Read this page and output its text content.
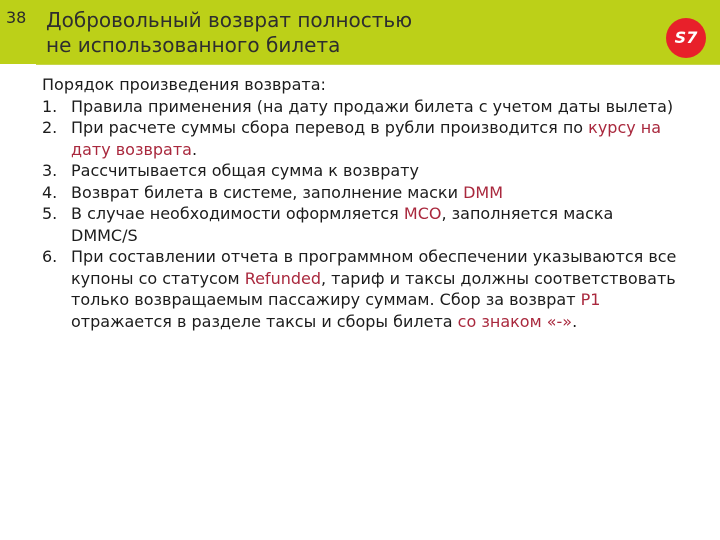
38 Добровольный возврат полностью
не использованного билета	S7

Порядок произведения возврата:

1. Правила применения (на дату продажи билета с учетом даты вылета)
2. При расчете суммы сбора перевод в рубли производится по курсу на дату возврата.
3. Рассчитывается общая сумма к возврату
4. Возврат билета в системе, заполнение маски DMM
5. В случае необходимости оформляется MCO, заполняется маска DMMC/S
6. При составлении отчета в программном обеспечении указываются все купоны со статусом Refunded, тариф и таксы должны соответствовать только возвращаемым пассажиру суммам. Сбор за возврат P1 отражается в разделе таксы и сборы билета со знаком «-».
